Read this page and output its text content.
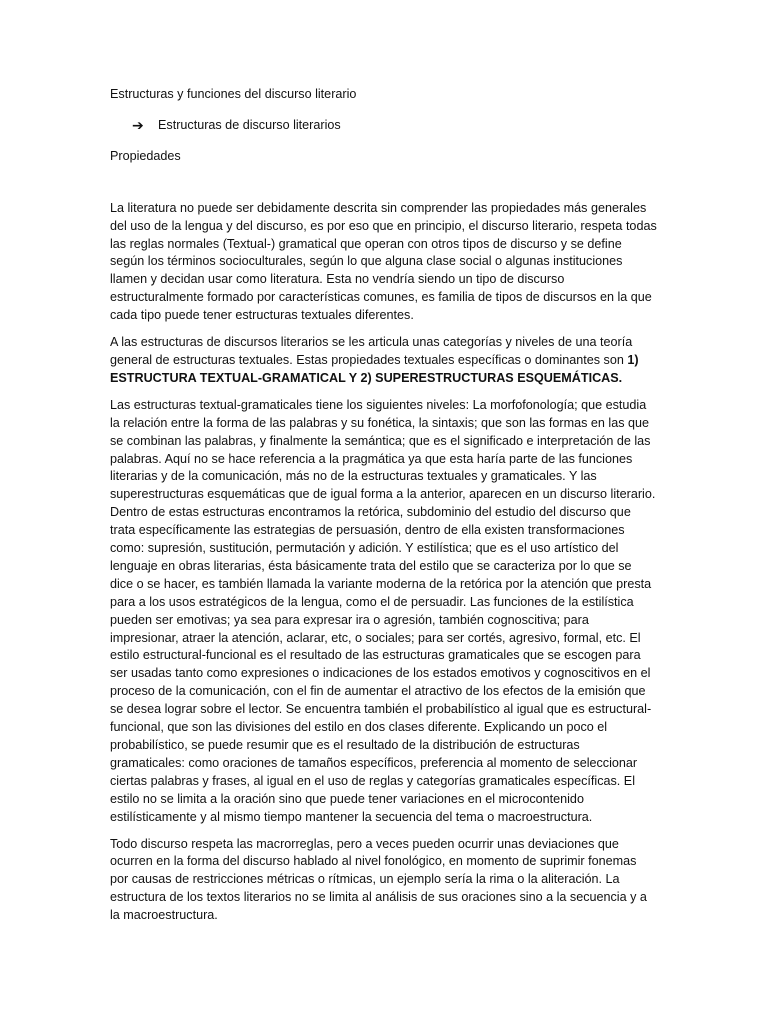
Estructuras y funciones del discurso literario

➔	Estructuras de discurso literarios

Propiedades

La literatura no puede ser debidamente descrita sin comprender las propiedades más generales del uso de la lengua y del discurso, es por eso que en principio, el discurso literario, respeta todas las reglas normales (Textual-) gramatical que operan con otros tipos de discurso y se define según los términos socioculturales, según lo que alguna clase social o algunas instituciones llamen y decidan usar como literatura. Esta no vendría siendo un tipo de discurso estructuralmente formado por características comunes, es familia de tipos de discursos en la que cada tipo puede tener estructuras textuales diferentes.

A las estructuras de discursos literarios se les articula unas categorías y niveles de una teoría general de estructuras textuales. Estas propiedades textuales específicas o dominantes son 1) ESTRUCTURA TEXTUAL-GRAMATICAL Y 2) SUPERESTRUCTURAS ESQUEMÁTICAS.

Las estructuras textual-gramaticales tiene los siguientes niveles: La morfofonología; que estudia la relación entre la forma de las palabras y su fonética, la sintaxis; que son las formas en las que se combinan las palabras, y finalmente la semántica; que es el significado e interpretación de las palabras. Aquí no se hace referencia a la pragmática ya que esta haría parte de las funciones literarias y de la comunicación, más no de la estructuras textuales y gramaticales. Y las superestructuras esquemáticas que de igual forma a la anterior, aparecen en un discurso literario. Dentro de estas estructuras encontramos la retórica, subdominio del estudio del discurso que trata específicamente las estrategias de persuasión, dentro de ella existen transformaciones como: supresión, sustitución, permutación y adición. Y estilística; que es el uso artístico del lenguaje en obras literarias, ésta básicamente trata del estilo que se caracteriza por lo que se dice o se hacer, es también llamada la variante moderna de la retórica por la atención que presta para a los usos estratégicos de la lengua, como el de persuadir. Las funciones de la estilística pueden ser emotivas; ya sea para expresar ira o agresión, también cognoscitiva; para impresionar, atraer la atención, aclarar, etc, o sociales; para ser cortés, agresivo, formal, etc. El estilo estructural-funcional es el resultado de las estructuras gramaticales que se escogen para ser usadas tanto como expresiones o indicaciones de los estados emotivos y cognoscitivos en el proceso de la comunicación, con el fin de aumentar el atractivo de los efectos de la emisión que se desea lograr sobre el lector. Se encuentra también el probabilístico al igual que es estructural-funcional, que son las divisiones del estilo en dos clases diferente. Explicando un poco el probabilístico, se puede resumir que es el resultado de la distribución de estructuras gramaticales: como oraciones de tamaños específicos, preferencia al momento de seleccionar ciertas palabras y frases, al igual en el uso de reglas y categorías gramaticales específicas. El estilo no se limita a la oración sino que puede tener variaciones en el microcontenido estilísticamente y al mismo tiempo mantener la secuencia del tema o macroestructura.

Todo discurso respeta las macrorreglas, pero a veces pueden ocurrir unas deviaciones que ocurren en la forma del discurso hablado al nivel fonológico, en momento de suprimir fonemas por causas de restricciones métricas o rítmicas, un ejemplo sería la rima o la aliteración. La estructura de los textos literarios no se limita al análisis de sus oraciones sino a la secuencia y a la macroestructura.
